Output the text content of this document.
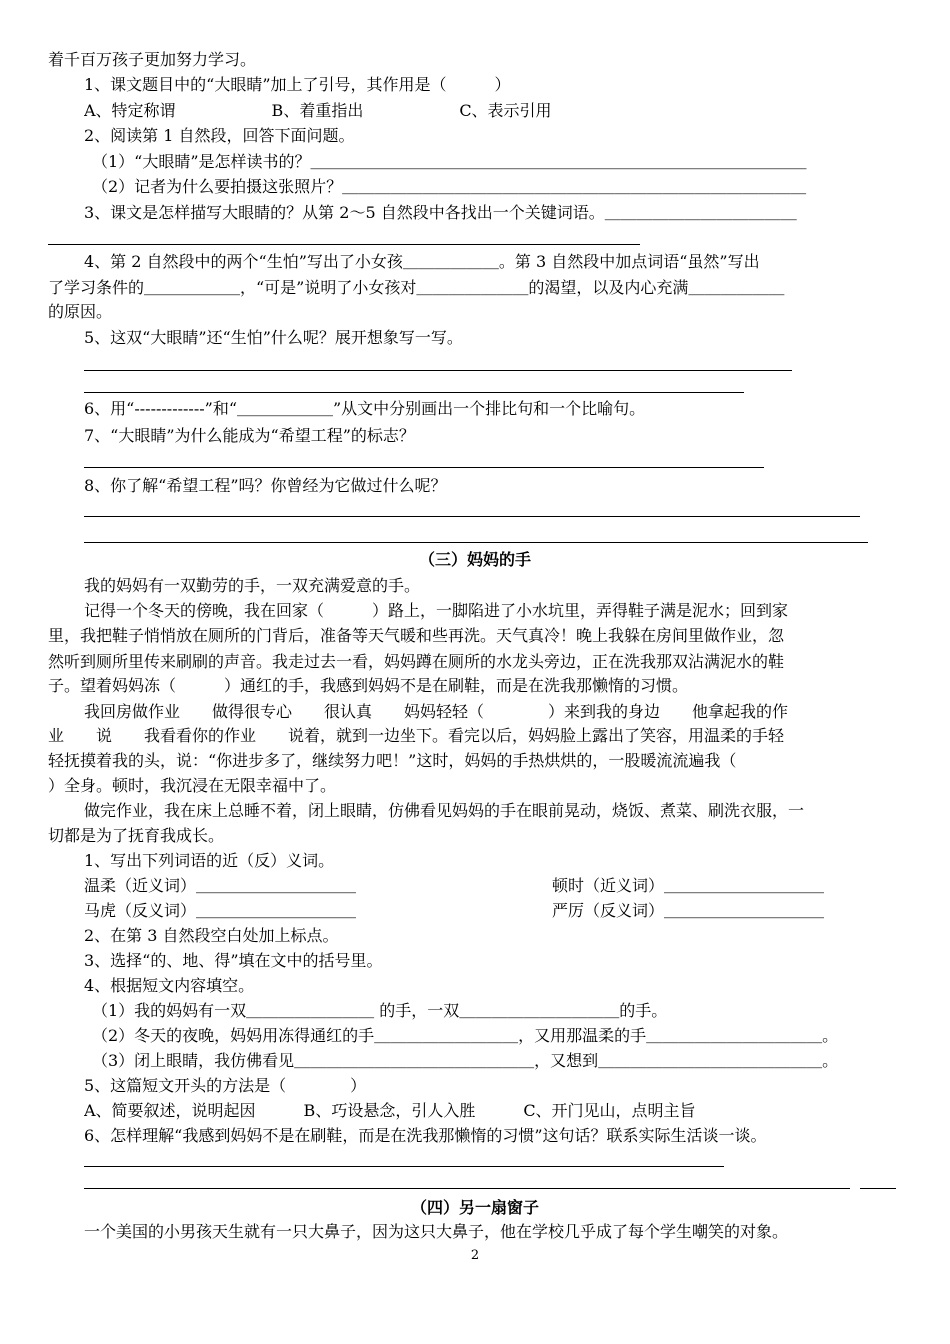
着千百万孩子更加努力学习。
1、课文题目中的“大眼睛”加上了引号，其作用是（　　　）
A、特定称谓　　　　　　B、着重指出　　　　　　C、表示引用
2、阅读第 1 自然段，回答下面问题。
（1）“大眼睛”是怎样读书的？＿＿＿＿＿＿＿＿＿＿＿＿＿＿＿＿＿＿＿＿＿＿＿＿＿＿＿＿＿＿＿
（2）记者为什么要拍摄这张照片？＿＿＿＿＿＿＿＿＿＿＿＿＿＿＿＿＿＿＿＿＿＿＿＿＿＿＿＿＿
3、课文是怎样描写大眼睛的？从第 2～5 自然段中各找出一个关键词语。＿＿＿＿＿＿＿＿＿＿＿＿
4、第 2 自然段中的两个“生怕”写出了小女孩＿＿＿＿＿＿。第 3 自然段中加点词语“虽然”写出
了学习条件的＿＿＿＿＿＿，“可是”说明了小女孩对＿＿＿＿＿＿＿的渴望，以及内心充满＿＿＿＿＿＿
的原因。
5、这双“大眼睛”还“生怕”什么呢？展开想象写一写。
6、用“-------------”和“＿＿＿＿＿＿”从文中分别画出一个排比句和一个比喻句。
7、“大眼睛”为什么能成为“希望工程”的标志？
8、你了解“希望工程”吗？你曾经为它做过什么呢？
（三）妈妈的手
我的妈妈有一双勤劳的手，一双充满爱意的手。
记得一个冬天的傍晚，我在回家（　　　）路上，一脚陷进了小水坑里，弄得鞋子满是泥水；回到家
里，我把鞋子悄悄放在厕所的门背后，准备等天气暖和些再洗。天气真冷！晚上我躲在房间里做作业，忽
然听到厕所里传来刷刷的声音。我走过去一看，妈妈蹲在厕所的水龙头旁边，正在洗我那双沾满泥水的鞋
子。望着妈妈冻（　　　）通红的手，我感到妈妈不是在刷鞋，而是在洗我那懒惰的习惯。
我回房做作业　　做得很专心　　很认真　　妈妈轻轻（　　　　）来到我的身边　　他拿起我的作
业　　说　　我看看你的作业　　说着，就到一边坐下。看完以后，妈妈脸上露出了笑容，用温柔的手轻
轻抚摸着我的头，说：“你进步多了，继续努力吧！”这时，妈妈的手热烘烘的，一股暖流流遍我（
）全身。顿时，我沉浸在无限幸福中了。
做完作业，我在床上总睡不着，闭上眼睛，仿佛看见妈妈的手在眼前晃动，烧饭、煮菜、刷洗衣服，一
切都是为了抚育我成长。
1、写出下列词语的近（反）义词。
温柔（近义词）＿＿＿＿＿＿＿＿＿＿	顿时（近义词）＿＿＿＿＿＿＿＿＿＿
马虎（反义词）＿＿＿＿＿＿＿＿＿＿	严厉（反义词）＿＿＿＿＿＿＿＿＿＿
2、在第 3 自然段空白处加上标点。
3、选择“的、地、得”填在文中的括号里。
4、根据短文内容填空。
（1）我的妈妈有一双＿＿＿＿＿＿＿＿ 的手，一双＿＿＿＿＿＿＿＿＿＿的手。
（2）冬天的夜晚，妈妈用冻得通红的手＿＿＿＿＿＿＿＿＿，又用那温柔的手＿＿＿＿＿＿＿＿＿＿＿。
（3）闭上眼睛，我仿佛看见＿＿＿＿＿＿＿＿＿＿＿＿＿＿＿，又想到＿＿＿＿＿＿＿＿＿＿＿＿＿＿。
5、这篇短文开头的方法是（　　　　）
A、简要叙述，说明起因　　　B、巧设悬念，引人入胜　　　C、开门见山，点明主旨
6、怎样理解“我感到妈妈不是在刷鞋，而是在洗我那懒惰的习惯”这句话？联系实际生活谈一谈。
（四）另一扇窗子
一个美国的小男孩天生就有一只大鼻子，因为这只大鼻子，他在学校几乎成了每个学生嘲笑的对象。
2
